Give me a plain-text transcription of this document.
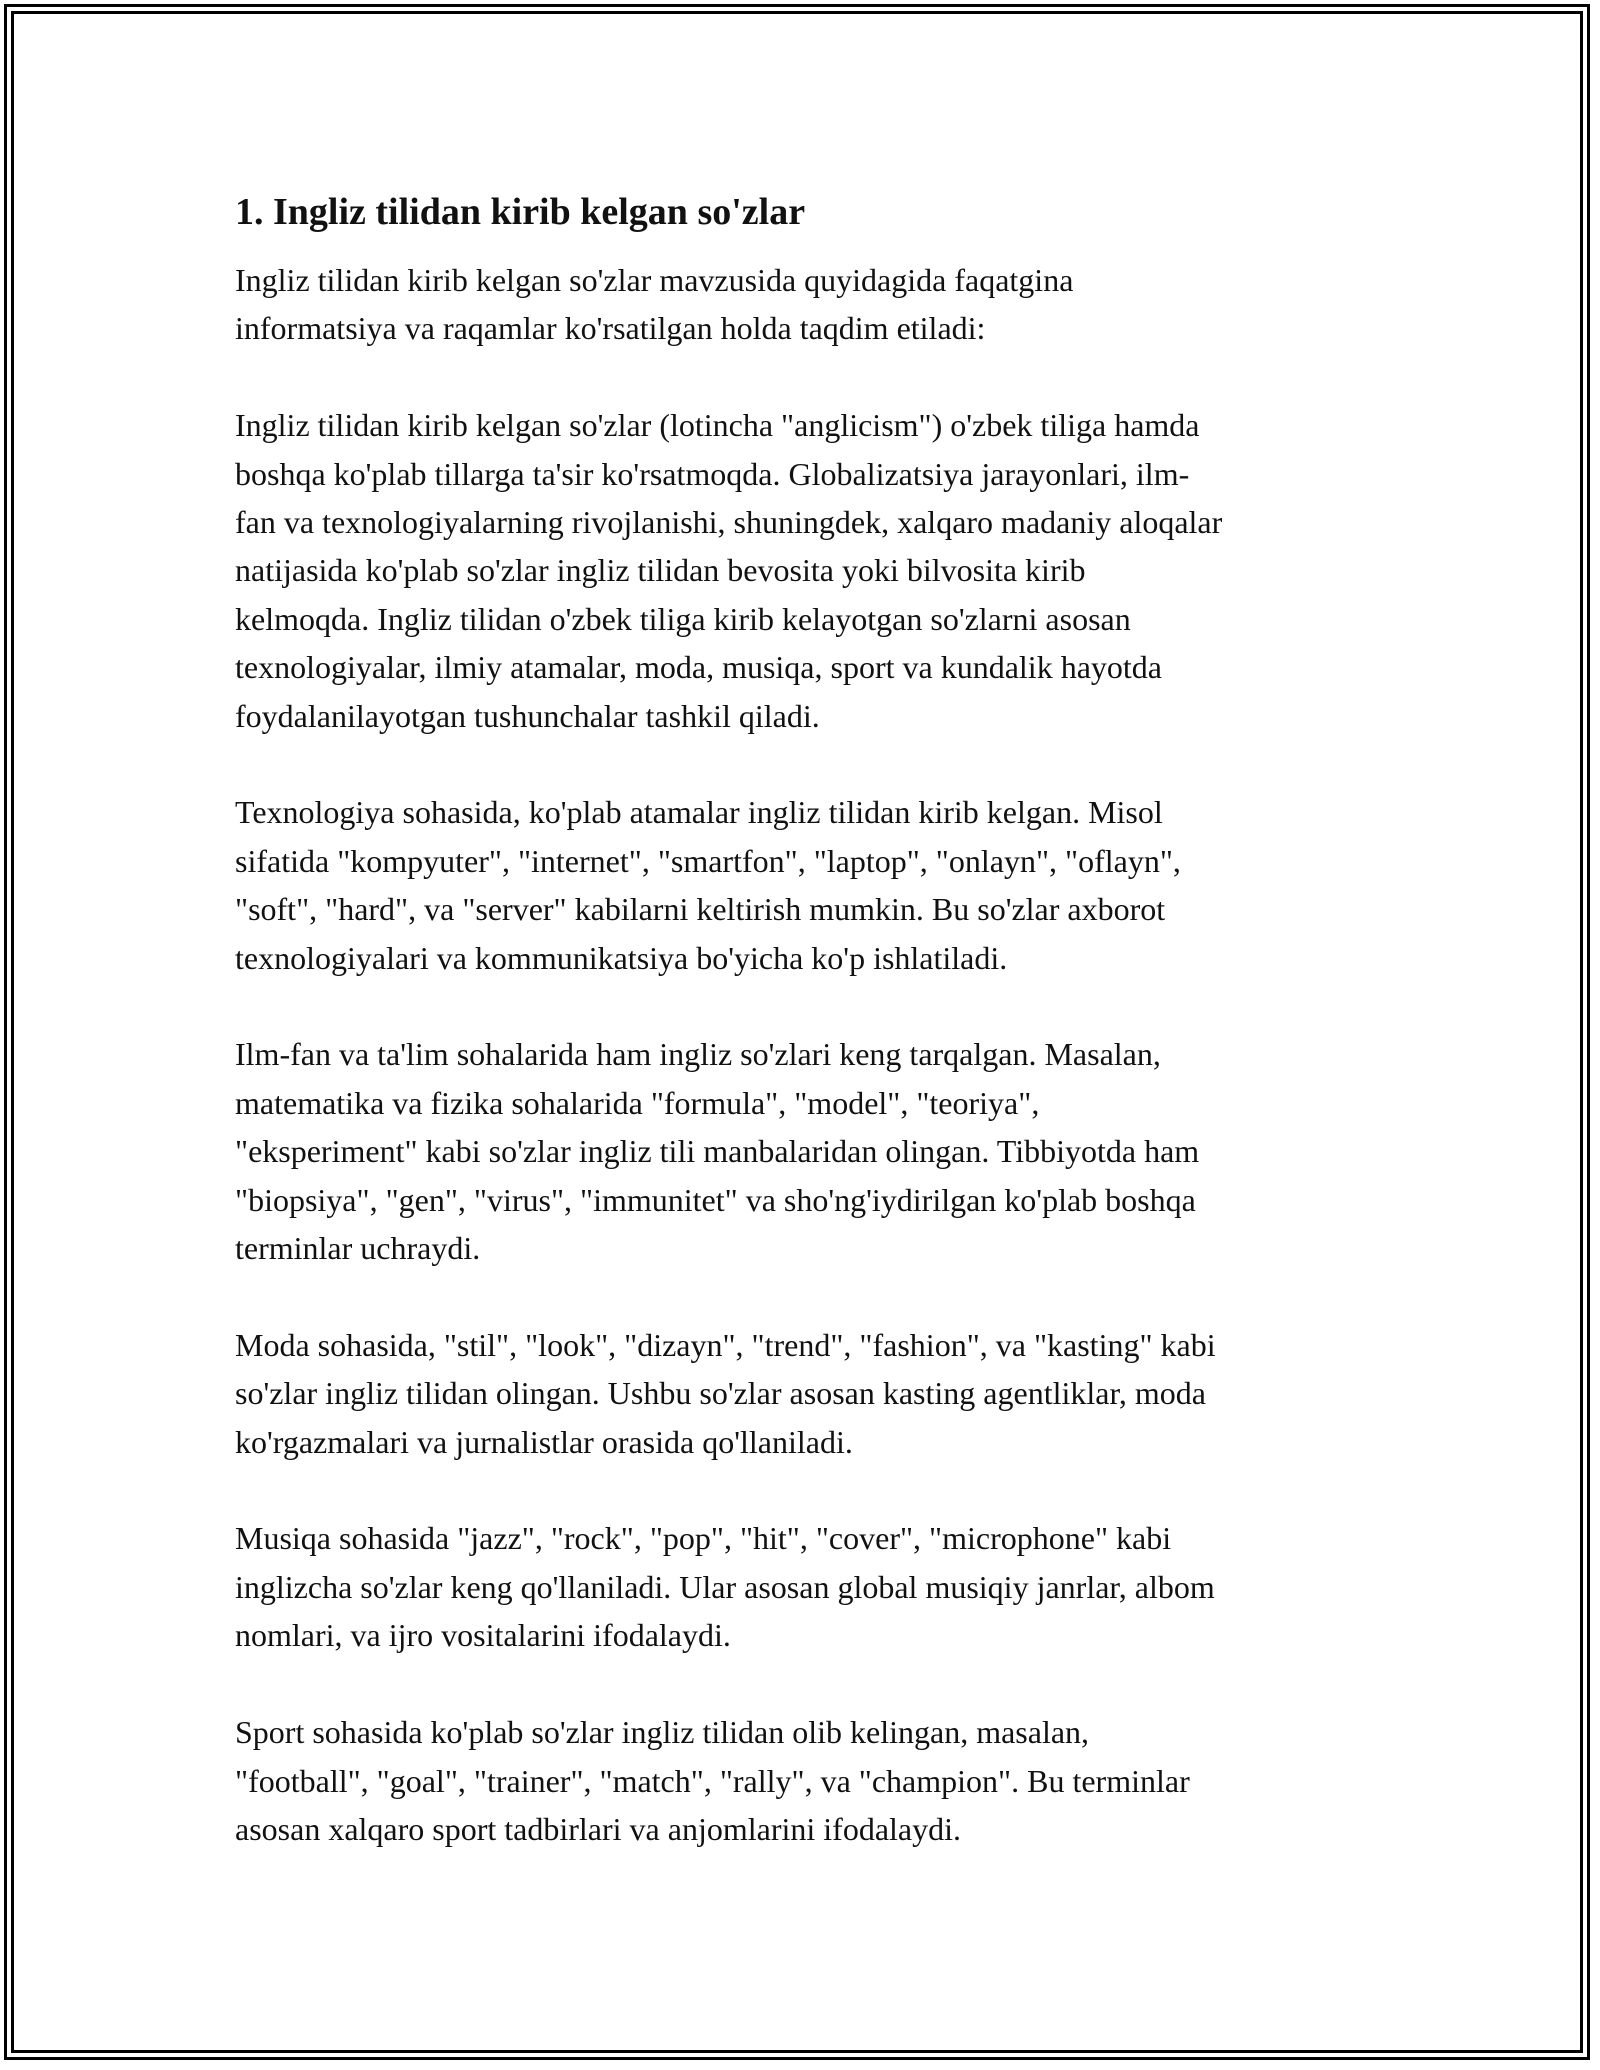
1. Ingliz tilidan kirib kelgan so'zlar

Ingliz tilidan kirib kelgan so'zlar mavzusida quyidagida faqatgina
informatsiya va raqamlar ko'rsatilgan holda taqdim etiladi:

Ingliz tilidan kirib kelgan so'zlar (lotincha "anglicism") o'zbek tiliga hamda
boshqa ko'plab tillarga ta'sir ko'rsatmoqda. Globalizatsiya jarayonlari, ilm-
fan va texnologiyalarning rivojlanishi, shuningdek, xalqaro madaniy aloqalar
natijasida ko'plab so'zlar ingliz tilidan bevosita yoki bilvosita kirib
kelmoqda. Ingliz tilidan o'zbek tiliga kirib kelayotgan so'zlarni asosan
texnologiyalar, ilmiy atamalar, moda, musiqa, sport va kundalik hayotda
foydalanilayotgan tushunchalar tashkil qiladi.

Texnologiya sohasida, ko'plab atamalar ingliz tilidan kirib kelgan. Misol
sifatida "kompyuter", "internet", "smartfon", "laptop", "onlayn", "oflayn",
"soft", "hard", va "server" kabilarni keltirish mumkin. Bu so'zlar axborot
texnologiyalari va kommunikatsiya bo'yicha ko'p ishlatiladi.

Ilm-fan va ta'lim sohalarida ham ingliz so'zlari keng tarqalgan. Masalan,
matematika va fizika sohalarida "formula", "model", "teoriya",
"eksperiment" kabi so'zlar ingliz tili manbalaridan olingan. Tibbiyotda ham
"biopsiya", "gen", "virus", "immunitet" va sho'ng'iydirilgan ko'plab boshqa
terminlar uchraydi.

Moda sohasida, "stil", "look", "dizayn", "trend", "fashion", va "kasting" kabi
so'zlar ingliz tilidan olingan. Ushbu so'zlar asosan kasting agentliklar, moda
ko'rgazmalari va jurnalistlar orasida qo'llaniladi.

Musiqa sohasida "jazz", "rock", "pop", "hit", "cover", "microphone" kabi
inglizcha so'zlar keng qo'llaniladi. Ular asosan global musiqiy janrlar, albom
nomlari, va ijro vositalarini ifodalaydi.

Sport sohasida ko'plab so'zlar ingliz tilidan olib kelingan, masalan,
"football", "goal", "trainer", "match", "rally", va "champion". Bu terminlar
asosan xalqaro sport tadbirlari va anjomlarini ifodalaydi.
